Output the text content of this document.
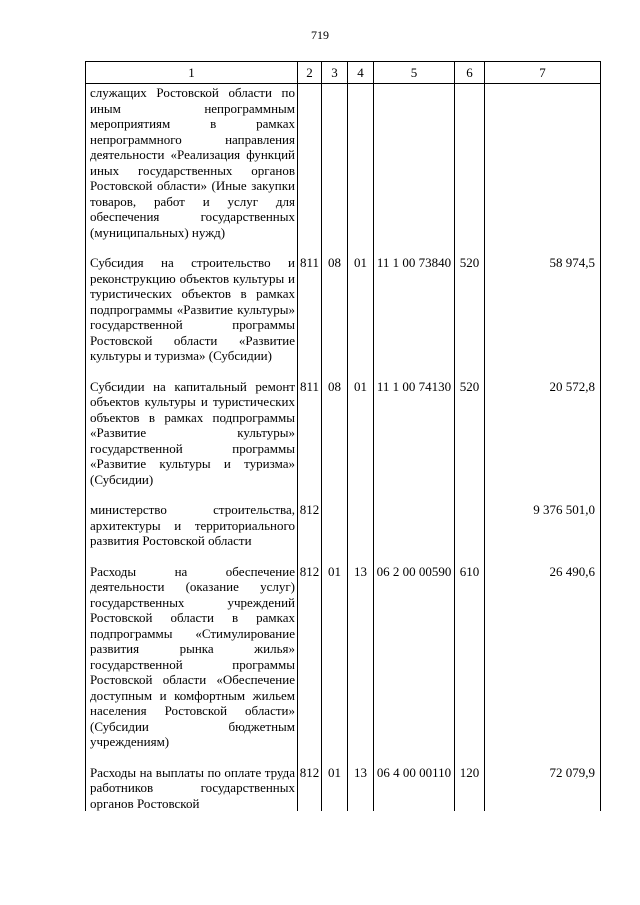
719
1	2	3	4	5	6	7
служащих Ростовской области по иным непрограммным мероприятиям в рамках непрограммного направления деятельности «Реализация функций иных государственных органов Ростовской области» (Иные закупки товаров, работ и услуг для обеспечения государственных (муниципальных) нужд)						

Субсидия на строительство и реконструкцию объектов культуры и туристических объектов в рамках подпрограммы «Развитие культуры» государственной программы Ростовской области «Развитие культуры и туризма» (Субсидии)	811	08	01	11 1 00 73840	520	58 974,5

Субсидии на капитальный ремонт объектов культуры и туристических объектов в рамках подпрограммы «Развитие культуры» государственной программы «Развитие культуры и туризма» (Субсидии)	811	08	01	11 1 00 74130	520	20 572,8

министерство строительства, архитектуры и территориального развития Ростовской области	812					9 376 501,0

Расходы на обеспечение деятельности (оказание услуг) государственных учреждений Ростовской области в рамках подпрограммы «Стимулирование развития рынка жилья» государственной программы Ростовской области «Обеспечение доступным и комфортным жильем населения Ростовской области» (Субсидии бюджетным учреждениям)	812	01	13	06 2 00 00590	610	26 490,6

Расходы на выплаты по оплате труда работников государственных органов Ростовской	812	01	13	06 4 00 00110	120	72 079,9
